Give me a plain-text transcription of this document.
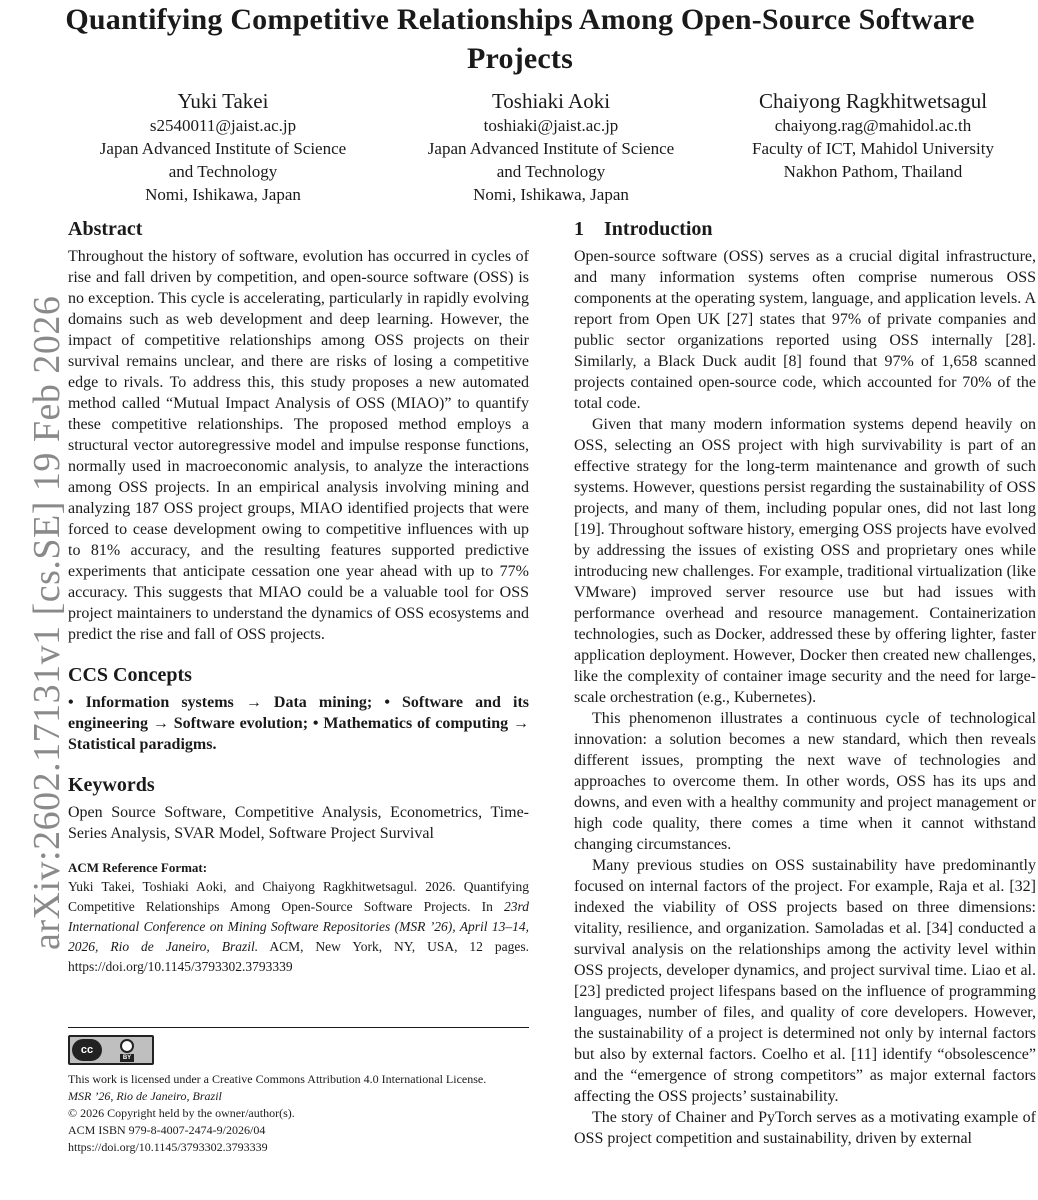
Quantifying Competitive Relationships Among Open-Source Software Projects
Yuki Takei
s2540011@jaist.ac.jp
Japan Advanced Institute of Science
and Technology
Nomi, Ishikawa, Japan
Toshiaki Aoki
toshiaki@jaist.ac.jp
Japan Advanced Institute of Science
and Technology
Nomi, Ishikawa, Japan
Chaiyong Ragkhitwetsagul
chaiyong.rag@mahidol.ac.th
Faculty of ICT, Mahidol University
Nakhon Pathom, Thailand
arXiv:2602.17131v1 [cs.SE] 19 Feb 2026
Abstract

Throughout the history of software, evolution has occurred in cycles of rise and fall driven by competition, and open-source software (OSS) is no exception. This cycle is accelerating, particularly in rapidly evolving domains such as web development and deep learning. However, the impact of competitive relationships among OSS projects on their survival remains unclear, and there are risks of losing a competitive edge to rivals. To address this, this study proposes a new automated method called “Mutual Impact Analysis of OSS (MIAO)” to quantify these competitive relationships. The proposed method employs a structural vector autoregressive model and impulse response functions, normally used in macroeconomic analysis, to analyze the interactions among OSS projects. In an empirical analysis involving mining and analyzing 187 OSS project groups, MIAO identified projects that were forced to cease development owing to competitive influences with up to 81% accuracy, and the resulting features supported predictive experiments that anticipate cessation one year ahead with up to 77% accuracy. This suggests that MIAO could be a valuable tool for OSS project maintainers to understand the dynamics of OSS ecosystems and predict the rise and fall of OSS projects.

CCS Concepts

• Information systems → Data mining; • Software and its engineering → Software evolution; • Mathematics of computing → Statistical paradigms.

Keywords

Open Source Software, Competitive Analysis, Econometrics, Time-Series Analysis, SVAR Model, Software Project Survival

ACM Reference Format:

Yuki Takei, Toshiaki Aoki, and Chaiyong Ragkhitwetsagul. 2026. Quantifying Competitive Relationships Among Open-Source Software Projects. In 23rd International Conference on Mining Software Repositories (MSR ’26), April 13–14, 2026, Rio de Janeiro, Brazil. ACM, New York, NY, USA, 12 pages. https://doi.org/10.1145/3793302.3793339

cc
BY

This work is licensed under a Creative Commons Attribution 4.0 International License.

MSR ’26, Rio de Janeiro, Brazil

© 2026 Copyright held by the owner/author(s).

ACM ISBN 979-8-4007-2474-9/2026/04

https://doi.org/10.1145/3793302.3793339

1    Introduction

Open-source software (OSS) serves as a crucial digital infrastructure, and many information systems often comprise numerous OSS components at the operating system, language, and application levels. A report from Open UK [27] states that 97% of private companies and public sector organizations reported using OSS internally [28]. Similarly, a Black Duck audit [8] found that 97% of 1,658 scanned projects contained open-source code, which accounted for 70% of the total code.

Given that many modern information systems depend heavily on OSS, selecting an OSS project with high survivability is part of an effective strategy for the long-term maintenance and growth of such systems. However, questions persist regarding the sustainability of OSS projects, and many of them, including popular ones, did not last long [19]. Throughout software history, emerging OSS projects have evolved by addressing the issues of existing OSS and proprietary ones while introducing new challenges. For example, traditional virtualization (like VMware) improved server resource use but had issues with performance overhead and resource management. Containerization technologies, such as Docker, addressed these by offering lighter, faster application deployment. However, Docker then created new challenges, like the complexity of container image security and the need for large-scale orchestration (e.g., Kubernetes).

This phenomenon illustrates a continuous cycle of technological innovation: a solution becomes a new standard, which then reveals different issues, prompting the next wave of technologies and approaches to overcome them. In other words, OSS has its ups and downs, and even with a healthy community and project management or high code quality, there comes a time when it cannot withstand changing circumstances.

Many previous studies on OSS sustainability have predominantly focused on internal factors of the project. For example, Raja et al. [32] indexed the viability of OSS projects based on three dimensions: vitality, resilience, and organization. Samoladas et al. [34] conducted a survival analysis on the relationships among the activity level within OSS projects, developer dynamics, and project survival time. Liao et al. [23] predicted project lifespans based on the influence of programming languages, number of files, and quality of core developers. However, the sustainability of a project is determined not only by internal factors but also by external factors. Coelho et al. [11] identify “obsolescence” and the “emergence of strong competitors” as major external factors affecting the OSS projects’ sustainability.

The story of Chainer and PyTorch serves as a motivating example of OSS project competition and sustainability, driven by external
